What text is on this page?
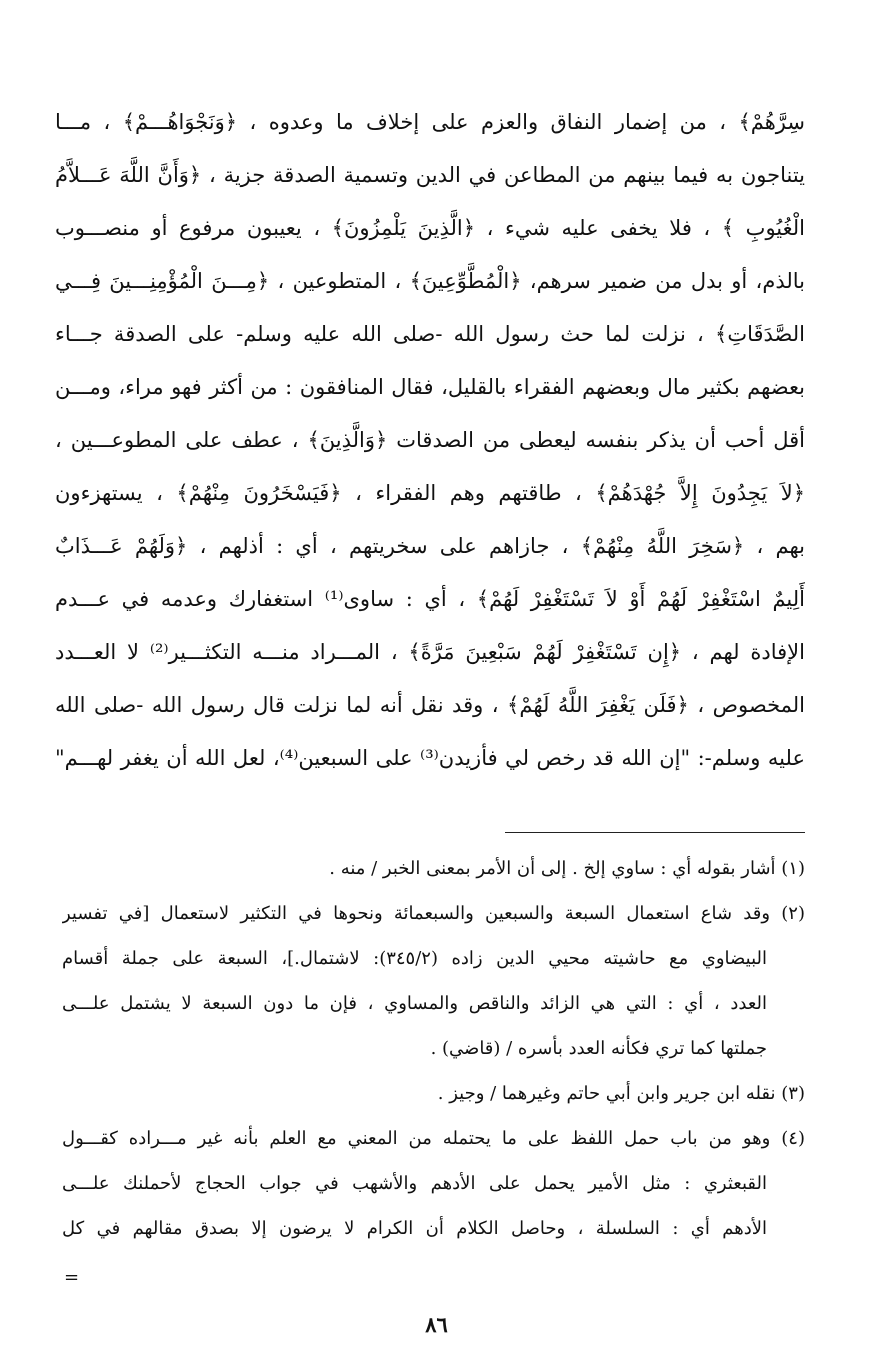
سِرَّهُمْ﴾ ، من إضمار النفاق والعزم على إخلاف ما وعدوه ، ﴿وَنَجْوَاهُـــمْ﴾ ، مـــا
يتناجون به فيما بينهم من المطاعن في الدين وتسمية الصدقة جزية ، ﴿وَأَنَّ اللَّهَ عَـــلاَّمُ
الْغُيُوبِ ﴾ ، فلا يخفى عليه شيء ، ﴿الَّذِينَ يَلْمِزُونَ﴾ ، يعيبون مرفوع أو منصـــوب
بالذم، أو بدل من ضمير سرهم، ﴿الْمُطَّوِّعِينَ﴾ ، المتطوعين ، ﴿مِـــنَ الْمُؤْمِنِـــينَ فِـــي
الصَّدَقَاتِ﴾ ، نزلت لما حث رسول الله -صلى الله عليه وسلم- على الصدقة جـــاء
بعضهم بكثير مال وبعضهم الفقراء بالقليل، فقال المنافقون : من أكثر فهو مراء، ومـــن
أقل أحب أن يذكر بنفسه ليعطى من الصدقات ﴿وَالَّذِينَ﴾ ، عطف على المطوعـــين ،
﴿لاَ يَجِدُونَ إِلاَّ جُهْدَهُمْ﴾ ، طاقتهم وهم الفقراء ، ﴿فَيَسْخَرُونَ مِنْهُمْ﴾ ، يستهزءون
بهم ، ﴿سَخِرَ اللَّهُ مِنْهُمْ﴾ ، جازاهم على سخريتهم ، أي : أذلهم ، ﴿وَلَهُمْ عَـــذَابٌ
أَلِيمٌ اسْتَغْفِرْ لَهُمْ أَوْ لاَ تَسْتَغْفِرْ لَهُمْ﴾ ، أي : ساوى⁽¹⁾ استغفارك وعدمه في عـــدم
الإفادة لهم ، ﴿إِن تَسْتَغْفِرْ لَهُمْ سَبْعِينَ مَرَّةً﴾ ، المـــراد منـــه التكثـــير⁽²⁾ لا العـــدد
المخصوص ، ﴿فَلَن يَغْفِرَ اللَّهُ لَهُمْ﴾ ، وقد نقل أنه لما نزلت قال رسول الله -صلى الله
عليه وسلم-: "إن الله قد رخص لي فأزيدن⁽³⁾ على السبعين⁽⁴⁾، لعل الله أن يغفر لهـــم"
(١) أشار بقوله أي : ساوي إلخ . إلى أن الأمر بمعنى الخبر / منه .
(٢) وقد شاع استعمال السبعة والسبعين والسبعمائة ونحوها في التكثير لاستعمال [في تفسير
البيضاوي مع حاشيته محيي الدين زاده (٣٤٥/٢): لاشتمال.]، السبعة على جملة أقسام
العدد ، أي : التي هي الزائد والناقص والمساوي ، فإن ما دون السبعة لا يشتمل علـــى
جملتها كما تري فكأنه العدد بأسره / (قاضي) .
(٣) نقله ابن جرير وابن أبي حاتم وغيرهما / وجيز .
(٤) وهو من باب حمل اللفظ على ما يحتمله من المعني مع العلم بأنه غير مـــراده كقـــول
القبعثري : مثل الأمير يحمل على الأدهم والأشهب في جواب الحجاج لأحملنك علـــى
الأدهم أي : السلسلة ، وحاصل الكلام أن الكرام لا يرضون إلا بصدق مقالهم في كل
=
٨٦
